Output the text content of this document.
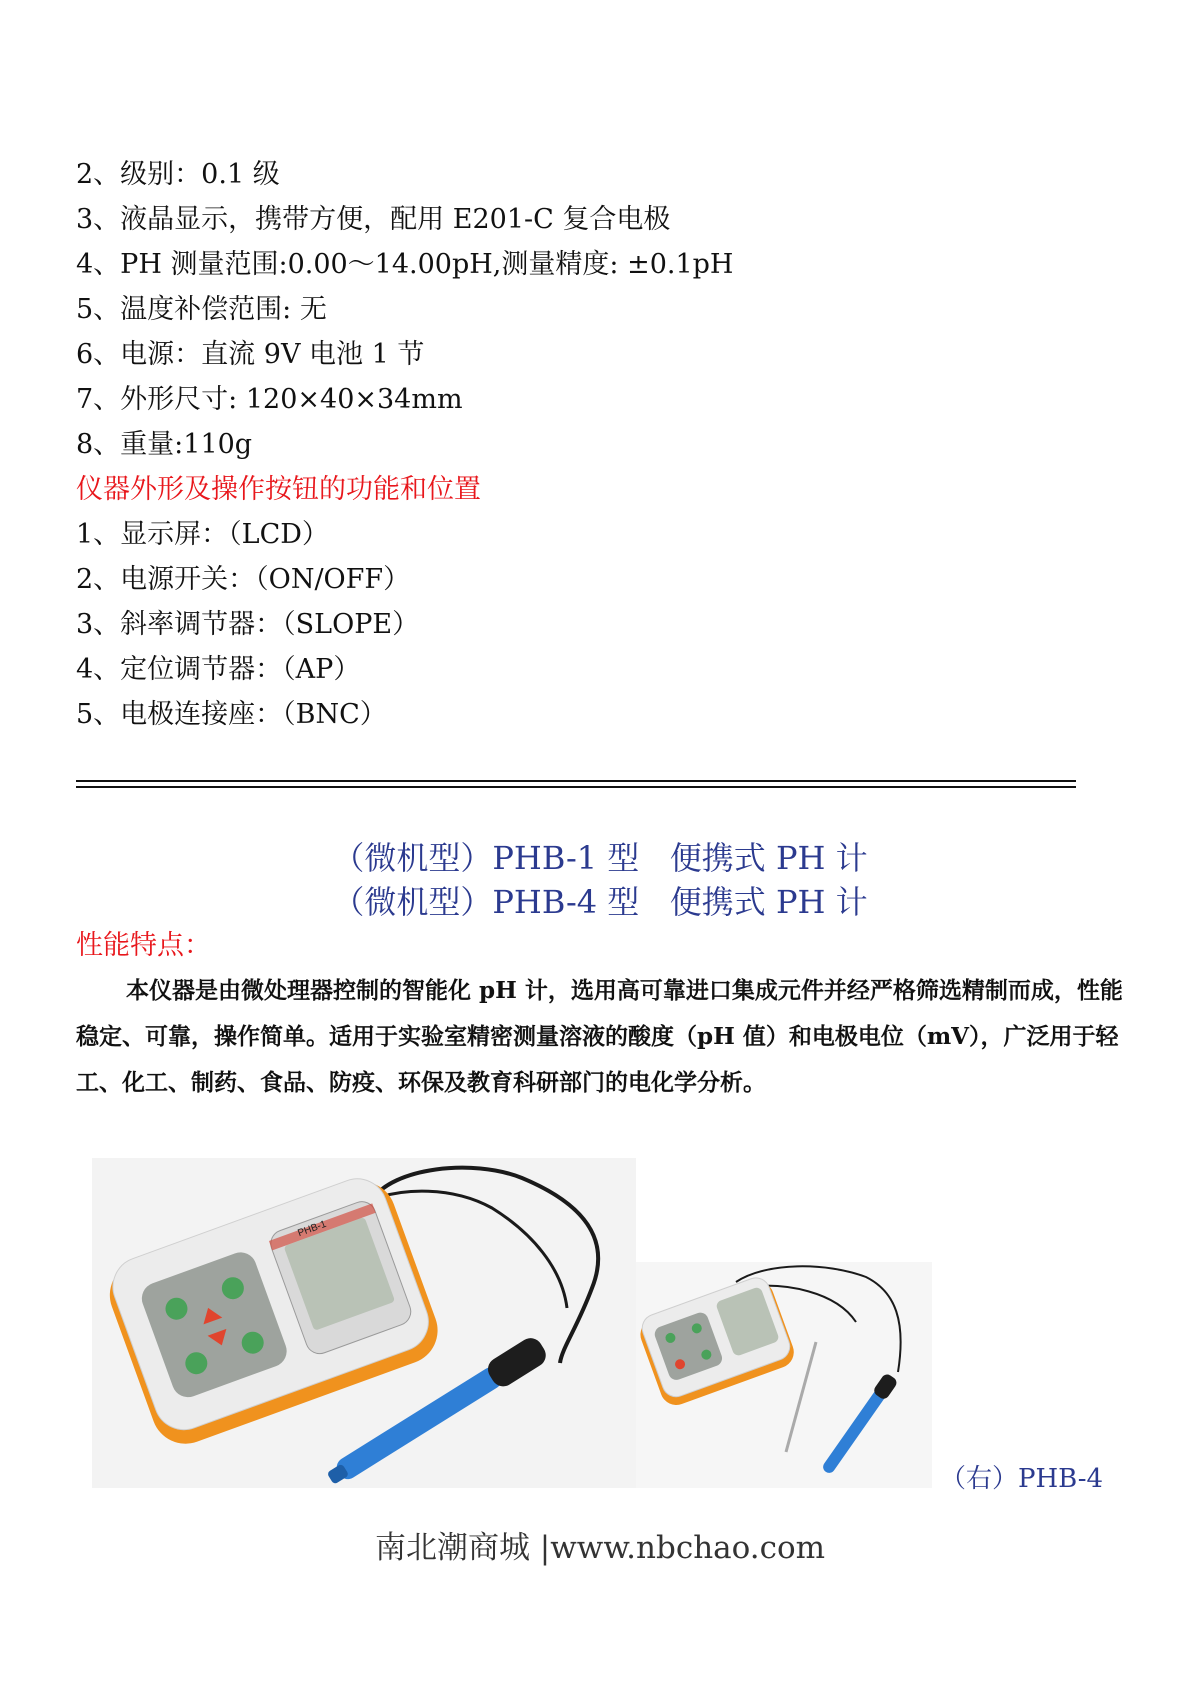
2、级别：0.1 级
3、液晶显示，携带方便，配用 E201-C 复合电极
4、PH 测量范围:0.00～14.00pH,测量精度: ±0.1pH
5、温度补偿范围: 无
6、电源：直流 9V 电池 1 节
7、外形尺寸: 120×40×34mm
8、重量:110g
仪器外形及操作按钮的功能和位置
1、显示屏：（LCD）
2、电源开关：（ON/OFF）
3、斜率调节器：（SLOPE）
4、定位调节器：（AP）
5、电极连接座：（BNC）
（微机型）PHB-1 型   便携式 PH 计
（微机型）PHB-4 型   便携式 PH 计
性能特点：
本仪器是由微处理器控制的智能化 pH 计，选用高可靠进口集成元件并经严格筛选精制而成，性能稳定、可靠，操作简单。适用于实验室精密测量溶液的酸度（pH 值）和电极电位（mV），广泛用于轻工、化工、制药、食品、防疫、环保及教育科研部门的电化学分析。
PHB-1
（右）PHB-4
南北潮商城 |www.nbchao.com
